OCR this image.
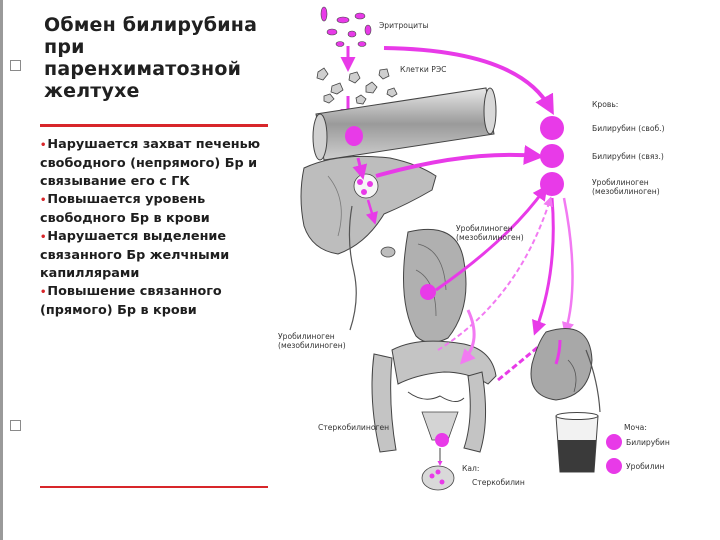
Обмен билирубина при паренхиматозной желтухе
•Нарушается захват печенью свободного (непрямого) Бр и связывание его с ГК
•Повышается уровень свободного Бр в крови
•Нарушается выделение связанного Бр желчными капиллярами
•Повышение связанного (прямого) Бр в крови
Эритроциты
Клетки РЭС
Кровь:
Билирубин (своб.)
Билирубин (связ.)
Уробилиноген (мезобилиноген)
Уробилиноген (мезобилиноген)
Уробилиноген (мезобилиноген)
Стеркобилиноген	Моча:
Билирубин
Уробилин
Кал:
Стеркобилин
